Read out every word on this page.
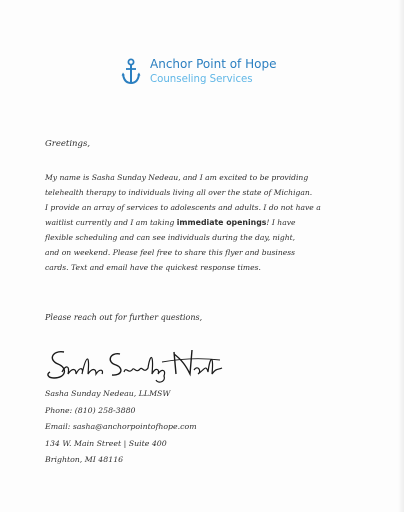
Anchor Point of Hope
Counseling Services
Greetings,
My name is Sasha Sunday Nedeau, and I am excited to be providing
telehealth therapy to individuals living all over the state of Michigan.
I provide an array of services to adolescents and adults. I do not have a
waitlist currently and I am taking immediate openings! I have
flexible scheduling and can see individuals during the day, night,
and on weekend. Please feel free to share this flyer and business
cards. Text and email have the quickest response times.
Please reach out for further questions,
Sasha Sunday Nedeau, LLMSW
Phone: (810) 258-3880
Email: sasha@anchorpointofhope.com
134 W. Main Street | Suite 400
Brighton, MI 48116
